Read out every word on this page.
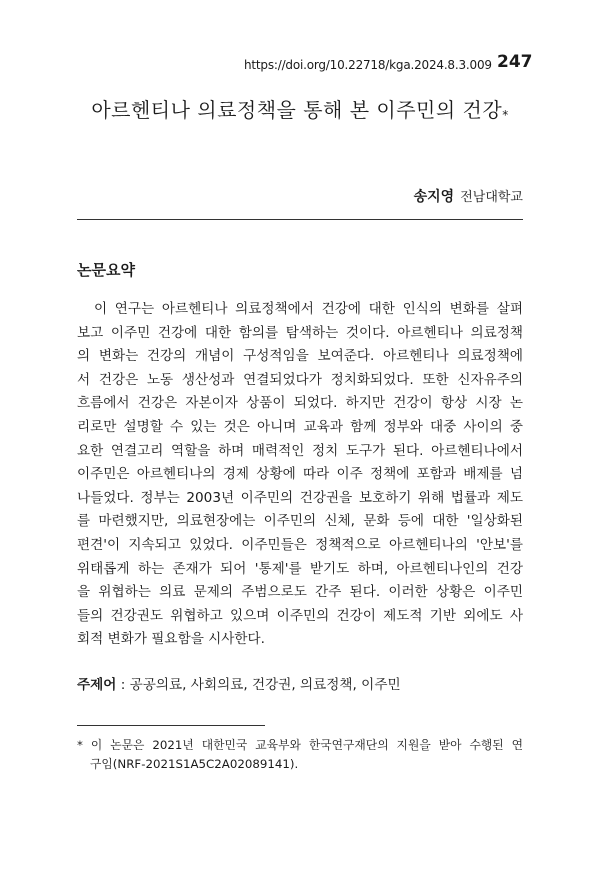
https://doi.org/10.22718/kga.2024.8.3.009 247
아르헨티나 의료정책을 통해 본 이주민의 건강*
송지영 전남대학교
논문요약
　이 연구는 아르헨티나 의료정책에서 건강에 대한 인식의 변화를 살펴
보고 이주민 건강에 대한 함의를 탐색하는 것이다. 아르헨티나 의료정책
의 변화는 건강의 개념이 구성적임을 보여준다. 아르헨티나 의료정책에
서 건강은 노동 생산성과 연결되었다가 정치화되었다. 또한 신자유주의
흐름에서 건강은 자본이자 상품이 되었다. 하지만 건강이 항상 시장 논
리로만 설명할 수 있는 것은 아니며 교육과 함께 정부와 대중 사이의 중
요한 연결고리 역할을 하며 매력적인 정치 도구가 된다. 아르헨티나에서
이주민은 아르헨티나의 경제 상황에 따라 이주 정책에 포함과 배제를 넘
나들었다. 정부는 2003년 이주민의 건강권을 보호하기 위해 법률과 제도
를 마련했지만, 의료현장에는 이주민의 신체, 문화 등에 대한 '일상화된
편견'이 지속되고 있었다. 이주민들은 정책적으로 아르헨티나의 '안보'를
위태롭게 하는 존재가 되어 '통제'를 받기도 하며, 아르헨티나인의 건강
을 위협하는 의료 문제의 주범으로도 간주 된다. 이러한 상황은 이주민
들의 건강권도 위협하고 있으며 이주민의 건강이 제도적 기반 외에도 사
회적 변화가 필요함을 시사한다.
주제어 : 공공의료, 사회의료, 건강권, 의료정책, 이주민
* 이 논문은 2021년 대한민국 교육부와 한국연구재단의 지원을 받아 수행된 연
구임(NRF-2021S1A5C2A02089141).
